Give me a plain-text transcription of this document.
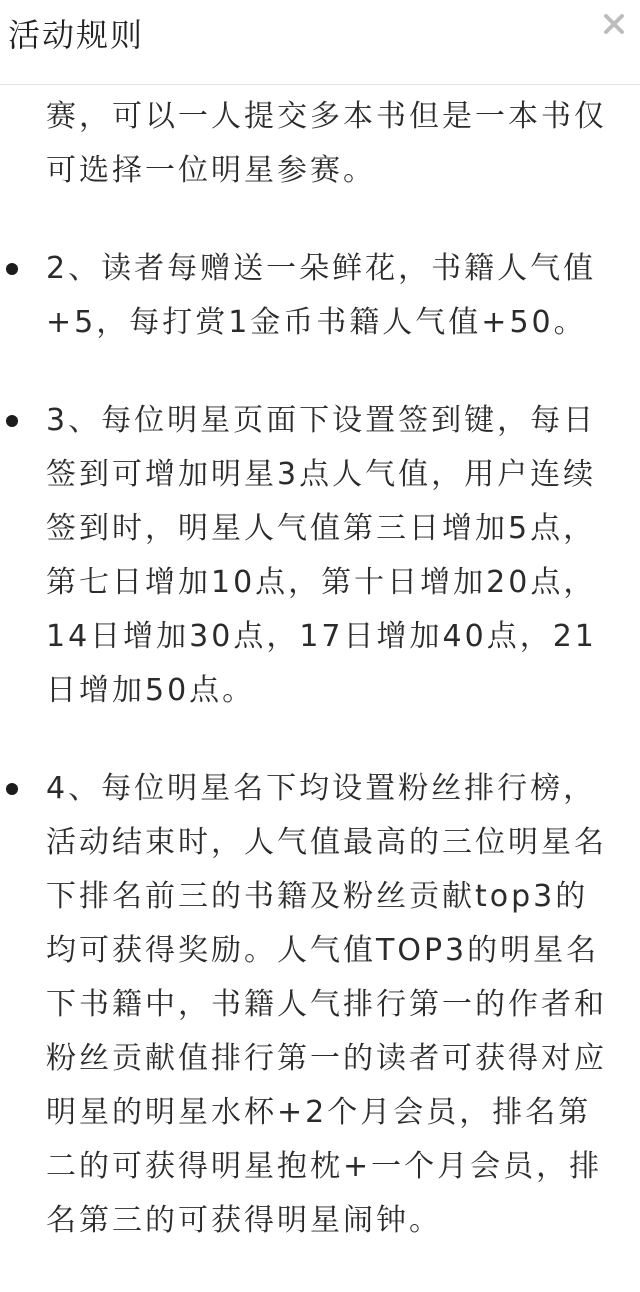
活动规则
赛，可以一人提交多本书但是一本书仅可选择一位明星参赛。
2、读者每赠送一朵鲜花，书籍人气值+5，每打赏1金币书籍人气值+50。
3、每位明星页面下设置签到键，每日签到可增加明星3点人气值，用户连续签到时，明星人气值第三日增加5点，第七日增加10点，第十日增加20点，14日增加30点，17日增加40点，21日增加50点。
4、每位明星名下均设置粉丝排行榜，活动结束时，人气值最高的三位明星名下排名前三的书籍及粉丝贡献top3的均可获得奖励。人气值TOP3的明星名下书籍中，书籍人气排行第一的作者和粉丝贡献值排行第一的读者可获得对应明星的明星水杯+2个月会员，排名第二的可获得明星抱枕+一个月会员，排名第三的可获得明星闹钟。
